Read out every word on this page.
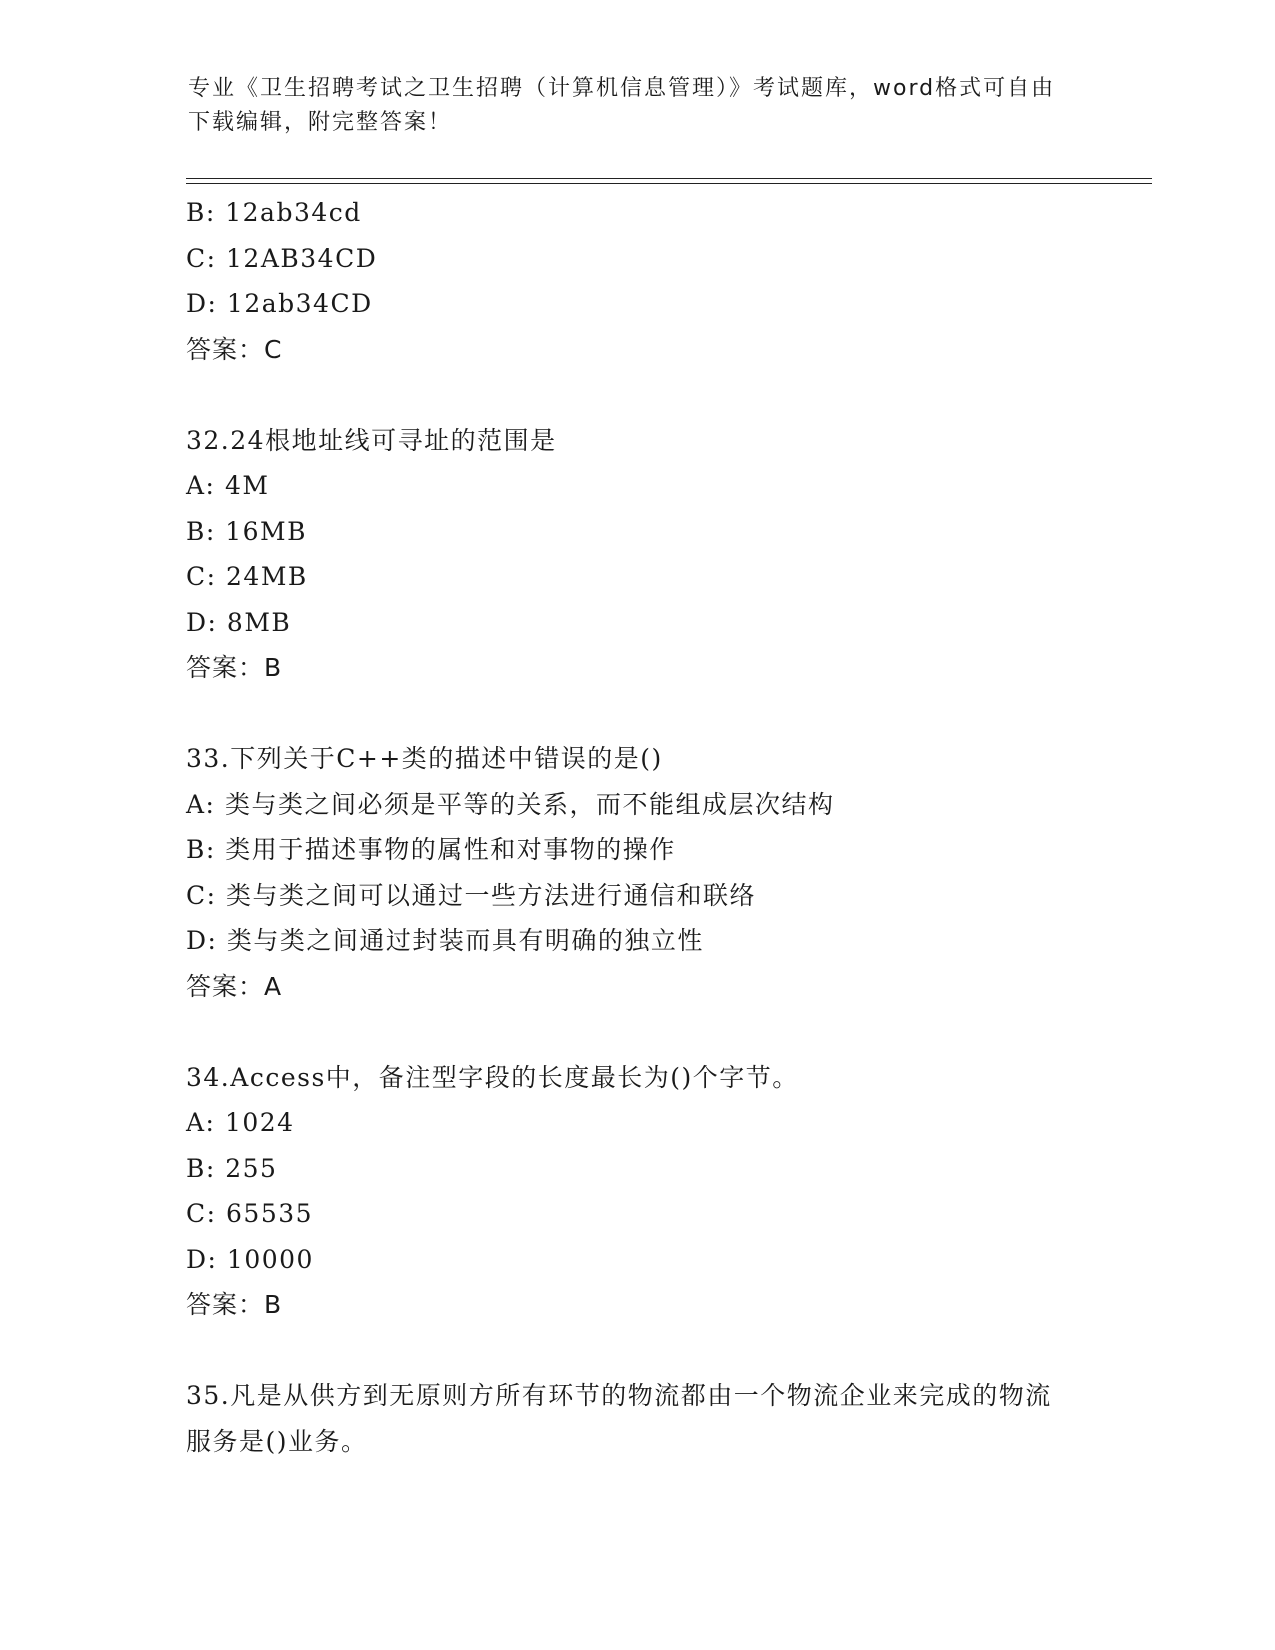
专业《卫生招聘考试之卫生招聘（计算机信息管理）》考试题库，word格式可自由下载编辑，附完整答案！
B: 12ab34cd
C: 12AB34CD
D: 12ab34CD
答案：C
32.24根地址线可寻址的范围是
A: 4M
B: 16MB
C: 24MB
D: 8MB
答案：B
33.下列关于C++类的描述中错误的是()
A: 类与类之间必须是平等的关系，而不能组成层次结构
B: 类用于描述事物的属性和对事物的操作
C: 类与类之间可以通过一些方法进行通信和联络
D: 类与类之间通过封装而具有明确的独立性
答案：A
34.Access中，备注型字段的长度最长为()个字节。
A: 1024
B: 255
C: 65535
D: 10000
答案：B
35.凡是从供方到无原则方所有环节的物流都由一个物流企业来完成的物流服务是()业务。
